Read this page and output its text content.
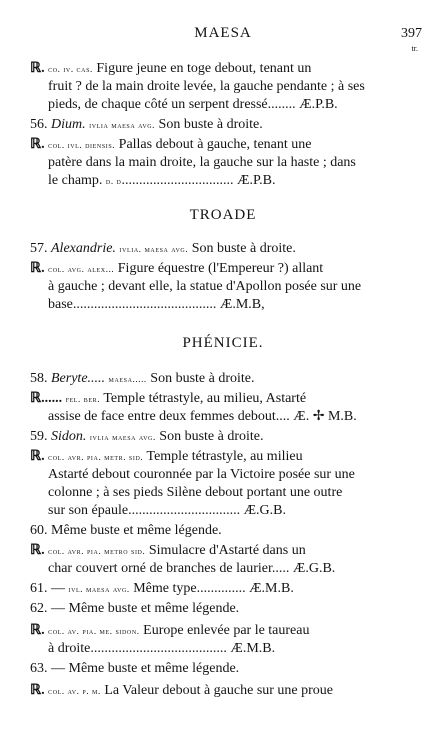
MAESA	397
tr.
ℝ. co. iv. cas. Figure jeune en toge debout, tenant un
fruit ? de la main droite levée, la gauche pendante ; à ses
pieds, de chaque côté un serpent dressé........ Æ.P.B.
56. Dium. ivlia maesa avg. Son buste à droite.
ℝ. col. ivl. diensis. Pallas debout à gauche, tenant une
patère dans la main droite, la gauche sur la haste ; dans
le champ. d. d................................ Æ.P.B.
TROADE
57. Alexandrie. ivlia. maesa avg. Son buste à droite.
ℝ. col. avg. alex... Figure équestre (l'Empereur ?) allant
à gauche ; devant elle, la statue d'Apollon posée sur une
base......................................... Æ.M.B,
PHÉNICIE.
58. Beryte..... maesa..... Son buste à droite.
ℝ...... fel. ber. Temple tétrastyle, au milieu, Astarté
assise de face entre deux femmes debout.... Æ. ✢ M.B.
59. Sidon. ivlia maesa avg. Son buste à droite.
ℝ. col. avr. pia. metr. sid. Temple tétrastyle, au milieu
Astarté debout couronnée par la Victoire posée sur une
colonne ; à ses pieds Silène debout portant une outre
sur son épaule................................ Æ.G.B.
60. Même buste et même légende.
ℝ. col. avr. pia. metro sid. Simulacre d'Astarté dans un
char couvert orné de branches de laurier..... Æ.G.B.
61. — ivl. maesa avg. Même type.............. Æ.M.B.
62. — Même buste et même légende.
ℝ. col. av. pia. me. sidon. Europe enlevée par le taureau
à droite....................................... Æ.M.B.
63. — Même buste et même légende.
ℝ. col. av. p. m. La Valeur debout à gauche sur une proue
